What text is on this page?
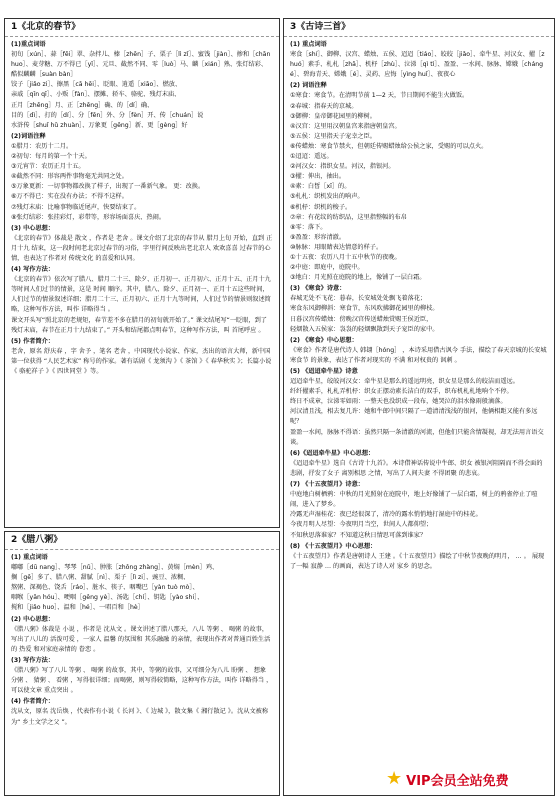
1《北京的春节》
(1)重点词语
初旬［xún］、蒜［fēi］翠、杂拌儿、榛［zhēn］子、栗子［lì zǐ］、蜜饯［jiàn］、掺和［chān huo］、麦芽糖、万不得已［yǐ］、元旦、截然不同、零［luò］马、麟［xián］熟、张灯结彩、酷似麟麟［suàn bàn］
饺子［jiǎo zi］、擦黑［cā hēi］、眨眼、逍遥［xiāo］、燃放、
亲戚［qīn qī］、小贩［fàn］、摆摊、轿车、骆驼、残灯末庙、
正月［zhēng］月、正［zhēng］确、的［dí］确、
目的［dì］、打的［dí］、分［fēn］外、分［fèn］开、传［chuán］说
水浒传［shuǐ hǔ zhuàn］、万象更［gēng］新、更［gèng］好
(2)词语注释
①腊月：农历十二月。
②初旬：每月的第一个十天。
③元宵节：农历正月十五。
④截然不同：形容两件事物毫无共同之处。
⑤万象更新：一切事物都改换了样子，出现了一番新气象。 更：改换。
⑥万不得已：实在没有办法；不得不这样。
⑦残灯末庙：比喻事物临近尾声，快要结束了。
⑧张灯结彩：张挂彩灯，彩带等，形容场面喜庆、热闹。
(3) 中心思想：
《北京的春节》体裁是 散文 ，作者是 老舍 。课文介绍了北京的春节从 腊月上旬 开始，直到 正月十九 结束，这一段时间老北京过春节的习俗，字里行间反映出老北京人 欢欢喜喜 过春节的心情，也表达了作者对 传统文化 的喜爱和认同。
(4) 写作方法：
《北京的春节》依次写了腊八、腊月二十三、除夕、正月初一、正月初六、正月十五、正月十九等时间人们过节的情景，这是 时间 顺序。其中，腊八、除夕、正月初一、正月十五这些时间，人们过节的情景叙述详细；腊月二十三、正月初六、正月十九等时间，人们过节的情景则叙述简略，这种写作方法，叫作 详略得当 。
课文开头写“照北京的老规矩，春节差不多在腊月的初旬就开始了。” 课文结尾写“一眨眼，到了残灯末庙，春节在正月十九结束了。” 开头和结尾都点明春节，这种写作方法，叫 首尾呼应 。
(5) 作者简介：
老舍，原名 舒庆春 ，字 舍予 ，笔名 老舍 ，中国现代小说家、作家，杰出的语言大师，新中国第一位获得 “人民艺术家” 称号的作家。著有话剧《 龙须沟 》《 茶馆 》《 春华秋实 》；长篇小说《 骆驼祥子 》《 四世同堂 》等。
2《腊八粥》
(1) 重点词语
嘟嘟［dū nang］、琴琴［nǔ］、肿胀［zhǒng zhàng］、黄焖［mèn］鸡、
搁［gē］多了、腊八粥、甜腻［nì］、栗子［lì zi］、豌豆、浓稠、
熬粥、深褐色、饶舌［ráo］、脏水、筷子、咽嘴巴［yàn tuò mò］、
咽喉［yān hóu］、哽咽［gěng yè］、汤匙［chí］、钥匙［yào shi］、
搅和［jiǎo huo］、温和［hé］、一唱百和［hè］
(2) 中心思想：
《腊八粥》体裁是 小说 ，作者是 沈从文 。课文讲述了腊八那天，八儿 等粥 、 喝粥 的故事，写出了八儿的 活泼可爱 ，一家人 温馨 的氛围和 其乐融融 的亲情，表现出作者对普通百姓生活的 热爱 和对家庭亲情的 眷恋 。
(3) 写作方法：
《腊八粥》写了八儿 等粥 、 喝粥 的故事，其中，等粥的故事，又可细分为八儿 盼粥 、 想象 分粥 、 猜粥 、 看粥 ，写得很详细；而喝粥，则写得较简略，这种写作方法，叫作 详略得当 ，可以使文章 重点突出 。
(4) 作者简介：
沈从文，原名 沈岳焕 ，代表作有小说《 长河 》、《 边城 》，散文集《 湘行散记 》。沈从文被称为“ 乡土文学之父 ”。
3《古诗三首》
(1) 重点词语
寒食［shí］、御柳、汉宫、蜡烛、五侯、迢迢［tiáo］、皎皎［jiǎo］、牵牛星、河汉女、擢［zhuó］素手、札札［zhā］、机杼［zhù］、泣涕［qì tì］、盈盈、一水间、脉脉、嫦娥［cháng é］、碧海青天、嫦娥［é］、灵药、应悔［yìng huǐ］、夜夜心
(2) 词语注释
①寒食：寒食节。在清明节前 1—2 天，节日期间不能生火做饭。
②春城：指春天的京城。
③御柳：皇帝御花园里的柳树。
④汉宫：这里用汉朝皇宫来指唐朝皇宫。
⑤五侯：这里指天子宠幸之臣。
⑥传蜡烛：寒食节禁火，但朝廷传赐蜡烛给公侯之家，受赐的可以点火。
①迢迢：遥远。
②河汉女：指织女星。河汉，指银河。
③擢：伸出，抽出。
④素：白皙［xī］的。
⑤札札：织机发出的响声。
⑥机杼：织机的梭子。
⑦章：有花纹的纺织品，这里指整幅的布帛
⑧零：落下。
⑨盈盈：形容清澈。
⑩脉脉：用眼睛表达情意的样子。
①十五夜：农历八月十五中秋节的夜晚。
②中庭：即庭中，庭院中。
③地白：月光照在庭院的地上，像铺了一层白霜。
(3) 《寒食》诗意：
春城无处不飞花：暮春，长安城处处飘飞着落花；
寒食东风御柳斜：寒食节，东风吹拂御花园里的柳枝。
日暮汉宫传蜡烛：傍晚汉宫传送蜡烛赏赐王侯近臣，
轻烟散入五侯家：袅袅的轻烟飘散到天子宠臣的家中。
(2) 《寒食》中心思想：
《寒食》作者是唐代诗人 韩翃［hóng］ ，本诗采用借古讽今 手法，描绘了春天京城的长安城 寒食节 的景象，表达了作者对现实的 不满 和对权贵的 讽刺 。
(5) 《迢迢牵牛星》诗意
迢迢牵牛星，皎皎河汉女：牵牛星是那么的遥远明亮，织女星是那么的皎洁而遥远。
纤纤擢素手，札札弄机杼：织女正摆动素长洁白的双手，织布机札札地响个不停。
终日不成章，泣涕零如雨：一整天也没织成一段布，她哭泣的泪水像雨般滴落。
河汉清且浅，相去复几许：她和牛郎中间只隔了一道清清浅浅的银河，他俩相距又能有多远呢？
盈盈一水间，脉脉不得语：虽然只隔一条清澈的河流，但他们只能含情凝视，却无法用言语交谈。
(6)《迢迢牵牛星》中心思想：
《迢迢牵牛星》选自《古诗十九首》。本诗借神话传说中牛郎、织女 被银河阻隔而不得会面的悲剧，抒发了女子 离别相思 之情，写出了人间夫妻 不得团聚 的悲哀。
(7) 《十五夜望月》诗意：
中庭地白树栖鸦：中秋的月光照射在庭院中，地上好像铺了一层白霜，树上的鸦雀停止了喧闹，进入了梦乡。
冷露无声湿桂花：夜已经很深了，清冷的露水悄悄地打湿庭中的桂花。
今夜月明人尽望：今夜明月当空，世间人人都仰望；
不知秋思落谁家？不知道这秋日情思可落到谁家？
(8) 《十五夜望月》中心思想：
《十五夜望月》作者是唐朝诗人 王建 。《十五夜望月》描绘了中秋节夜晚的明月， … 。 展现了一幅 寂静 … 的画面，表达了诗人对 家乡 的思念。
★ VIP会员全站免费
